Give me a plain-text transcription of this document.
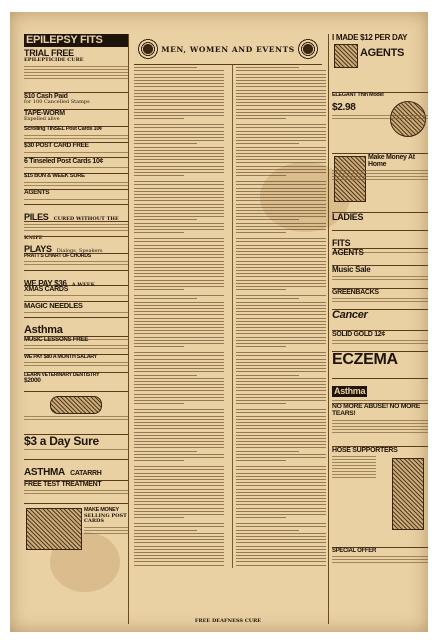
EPILEPSY FITS
TRIAL FREE
EPILEPTICIDE CURE
$10 Cash Paid
for 100 Cancelled Stamps
TAPE-WORM
Expelled alive
Scrolling TINSEL Post Cards 10¢
$30 POST CARD FREE
6 Tinseled Post Cards 10¢
$15 BUN & WEEK SURE
AGENTS
PILES CURED WITHOUT THE KNIFE
PLAYS Dialogs, Speakers
PRATT'S CHART OF CHORDS
WE PAY $36 A WEEK
XMAS CARDS
MAGIC NEEDLES
Asthma
MUSIC LESSONS FREE
WE PAY $80 A MONTH SALARY
LEARN VETERINARY DENTISTRY
$2000
$3 a Day Sure
ASTHMA CATARRH
FREE TEST TREATMENT
MAKE MONEY
SELLING POST CARDS
MEN, WOMEN AND EVENTS
FREE DEAFNESS CURE
I MADE $12 PER DAY
AGENTS
ELEGANT Thin Model
$2.98
Make Money At Home
LADIES
FITS
AGENTS
Music Sale
GREENBACKS
Cancer
SOLID GOLD 12¢
ECZEMA
Asthma
NO MORE ABUSE! NO MORE TEARS!
HOSE SUPPORTERS
SPECIAL OFFER
